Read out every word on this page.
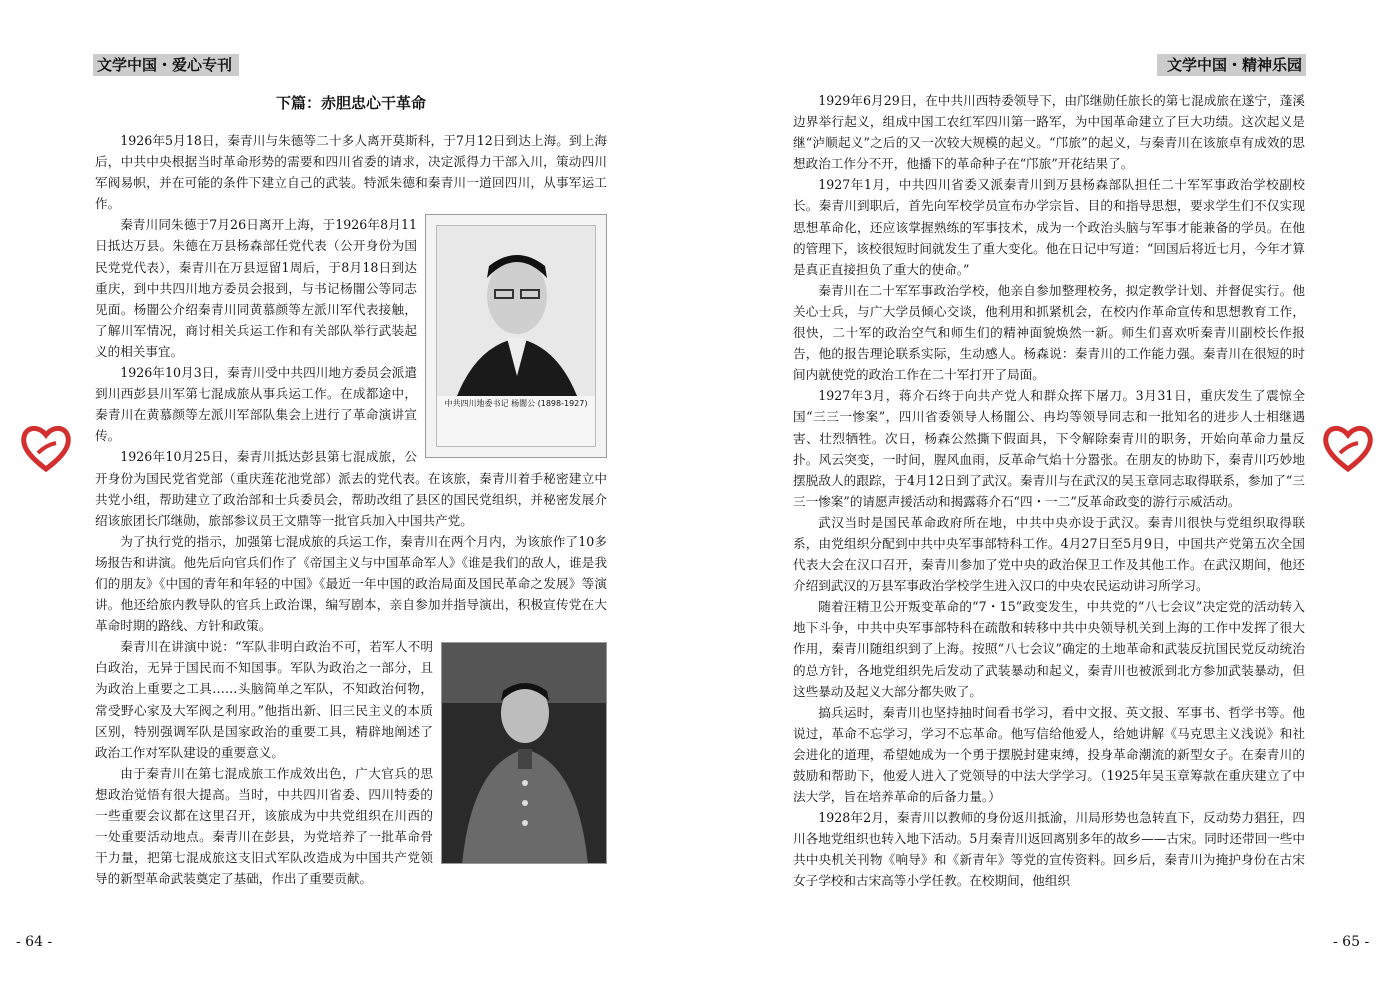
文学中国・爱心专刊	文学中国・精神乐园
下篇：赤胆忠心干革命

1926年5月18日，秦青川与朱德等二十多人离开莫斯科，于7月12日到达上海。到上海后，中共中央根据当时革命形势的需要和四川省委的请求，决定派得力干部入川，策动四川军阀易帜，并在可能的条件下建立自己的武装。特派朱德和秦青川一道回四川，从事军运工作。

中共四川地委书记 杨闇公 (1898-1927)

秦青川同朱德于7月26日离开上海，于1926年8月11日抵达万县。朱德在万县杨森部任党代表（公开身份为国民党党代表），秦青川在万县逗留1周后，于8月18日到达重庆，到中共四川地方委员会报到，与书记杨闇公等同志见面。杨闇公介绍秦青川同黄慕颜等左派川军代表接触，了解川军情况，商讨相关兵运工作和有关部队举行武装起义的相关事宜。

1926年10月3日，秦青川受中共四川地方委员会派遣到川西彭县川军第七混成旅从事兵运工作。在成都途中，秦青川在黄慕颜等左派川军部队集会上进行了革命演讲宣传。

1926年10月25日，秦青川抵达彭县第七混成旅，公开身份为国民党省党部（重庆莲花池党部）派去的党代表。在该旅，秦青川着手秘密建立中共党小组，帮助建立了政治部和士兵委员会，帮助改组了县区的国民党组织，并秘密发展介绍该旅团长邝继勋，旅部参议员王文鼎等一批官兵加入中国共产党。

为了执行党的指示，加强第七混成旅的兵运工作，秦青川在两个月内，为该旅作了10多场报告和讲演。他先后向官兵们作了《帝国主义与中国革命军人》《谁是我们的敌人，谁是我们的朋友》《中国的青年和年轻的中国》《最近一年中国的政治局面及国民革命之发展》等演讲。他还给旅内教导队的官兵上政治课，编写剧本，亲自参加并指导演出，积极宣传党在大革命时期的路线、方针和政策。

秦青川在讲演中说：“军队非明白政治不可，若军人不明白政治，无异于国民而不知国事。军队为政治之一部分，且为政治上重要之工具……头脑简单之军队，不知政治何物，常受野心家及大军阀之利用。”他指出新、旧三民主义的本质区别，特别强调军队是国家政治的重要工具，精辟地阐述了政治工作对军队建设的重要意义。

由于秦青川在第七混成旅工作成效出色，广大官兵的思想政治觉悟有很大提高。当时，中共四川省委、四川特委的一些重要会议都在这里召开，该旅成为中共党组织在川西的一处重要活动地点。秦青川在彭县，为党培养了一批革命骨干力量，把第七混成旅这支旧式军队改造成为中国共产党领导的新型革命武装奠定了基础，作出了重要贡献。

1929年6月29日，在中共川西特委领导下，由邝继勋任旅长的第七混成旅在遂宁，蓬溪边界举行起义，组成中国工农红军四川第一路军，为中国革命建立了巨大功绩。这次起义是继“泸顺起义”之后的又一次较大规模的起义。“邝旅”的起义，与秦青川在该旅卓有成效的思想政治工作分不开，他播下的革命种子在“邝旅”开花结果了。

1927年1月，中共四川省委又派秦青川到万县杨森部队担任二十军军事政治学校副校长。秦青川到职后，首先向军校学员宣布办学宗旨、目的和指导思想，要求学生们不仅实现思想革命化，还应该掌握熟练的军事技术，成为一个政治头脑与军事才能兼备的学员。在他的管理下，该校很短时间就发生了重大变化。他在日记中写道：“回国后将近七月，今年才算是真正直接担负了重大的使命。”

秦青川在二十军军事政治学校，他亲自参加整理校务，拟定教学计划、并督促实行。他关心士兵，与广大学员倾心交谈，他利用和抓紧机会，在校内作革命宣传和思想教育工作，很快，二十军的政治空气和师生们的精神面貌焕然一新。师生们喜欢听秦青川副校长作报告，他的报告理论联系实际，生动感人。杨森说：秦青川的工作能力强。秦青川在很短的时间内就使党的政治工作在二十军打开了局面。

1927年3月，蒋介石终于向共产党人和群众挥下屠刀。3月31日，重庆发生了震惊全国“三三一惨案”，四川省委领导人杨闇公、冉均等领导同志和一批知名的进步人士相继遇害、壮烈牺牲。次日，杨森公然撕下假面具，下令解除秦青川的职务，开始向革命力量反扑。风云突变，一时间，腥风血雨，反革命气焰十分嚣张。在朋友的协助下，秦青川巧妙地摆脱敌人的跟踪，于4月12日到了武汉。秦青川与在武汉的吴玉章同志取得联系，参加了“三三一惨案”的请愿声援活动和揭露蒋介石“四・一二”反革命政变的游行示威活动。

武汉当时是国民革命政府所在地，中共中央亦设于武汉。秦青川很快与党组织取得联系，由党组织分配到中共中央军事部特科工作。4月27日至5月9日，中国共产党第五次全国代表大会在汉口召开，秦青川参加了党中央的政治保卫工作及其他工作。在武汉期间，他还介绍到武汉的万县军事政治学校学生进入汉口的中央农民运动讲习所学习。

随着汪精卫公开叛变革命的“7・15”政变发生，中共党的“八七会议”决定党的活动转入地下斗争，中共中央军事部特科在疏散和转移中共中央领导机关到上海的工作中发挥了很大作用，秦青川随组织到了上海。按照“八七会议”确定的土地革命和武装反抗国民党反动统治的总方针，各地党组织先后发动了武装暴动和起义，秦青川也被派到北方参加武装暴动，但这些暴动及起义大部分都失败了。

搞兵运时，秦青川也坚持抽时间看书学习，看中文报、英文报、军事书、哲学书等。他说过，革命不忘学习，学习不忘革命。他写信给他爱人，给她讲解《马克思主义浅说》和社会进化的道理，希望她成为一个勇于摆脱封建束缚，投身革命潮流的新型女子。在秦青川的鼓励和帮助下，他爱人进入了党领导的中法大学学习。（1925年吴玉章筹款在重庆建立了中法大学，旨在培养革命的后备力量。）

1928年2月，秦青川以教师的身份返川抵渝，川局形势也急转直下，反动势力猖狂，四川各地党组织也转入地下活动。5月秦青川返回离别多年的故乡——古宋。同时还带回一些中共中央机关刊物《响导》和《新青年》等党的宣传资料。回乡后，秦青川为掩护身份在古宋女子学校和古宋高等小学任教。在校期间，他组织

- 64 -	- 65 -
